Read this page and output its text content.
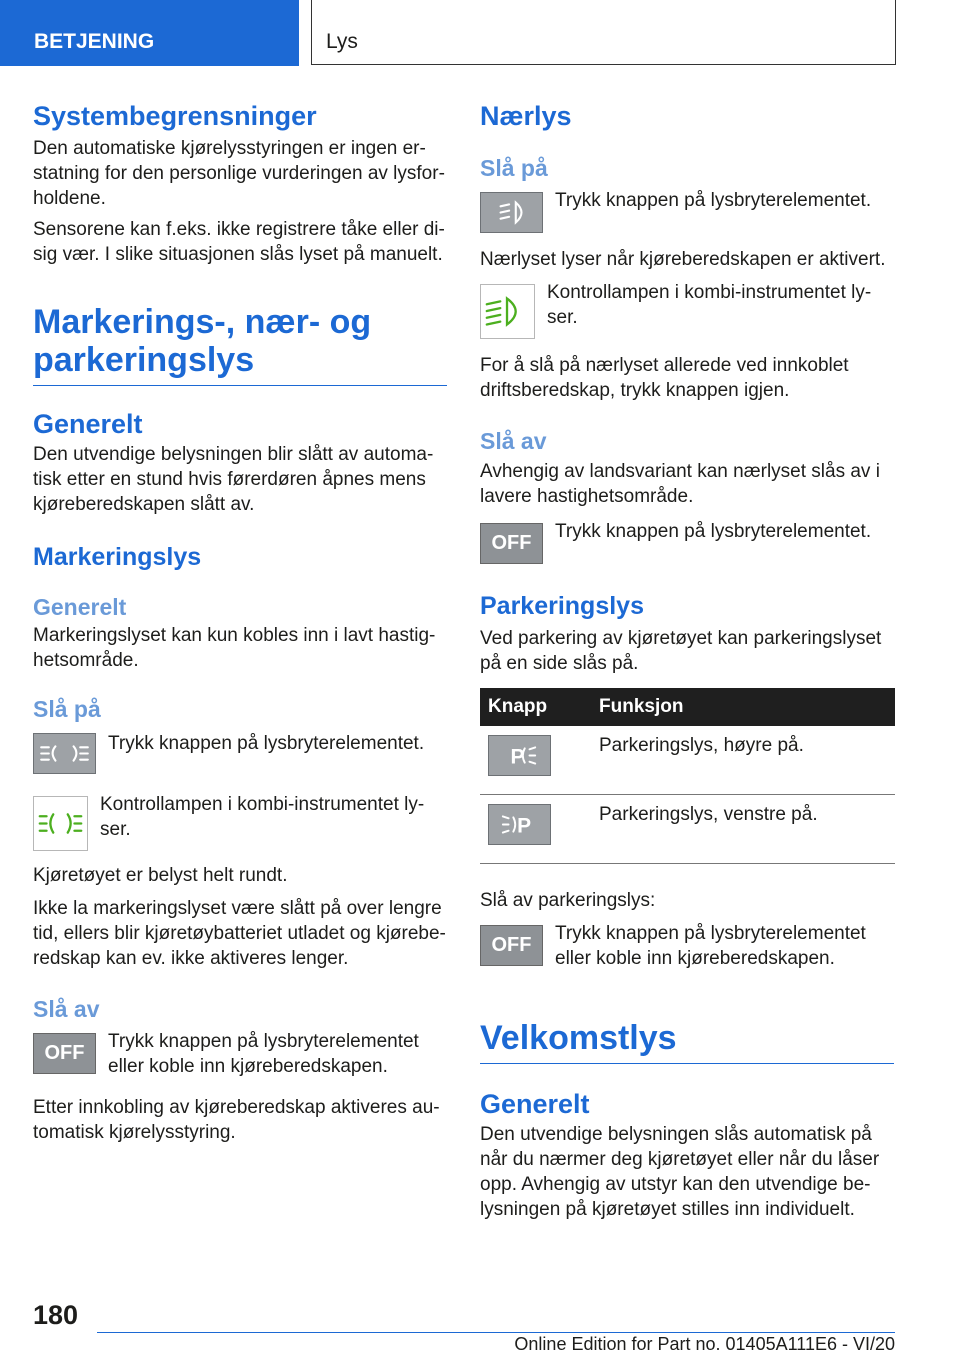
BETJENING	Lys
Systembegrensninger

Den automatiske kjørelysstyringen er ingen er-statning for den personlige vurderingen av lysfor-holdene.

Sensorene kan f.eks. ikke registrere tåke eller di-sig vær. I slike situasjonen slås lyset på manuelt.

Markerings-, nær- og parkeringslys
Generelt

Den utvendige belysningen blir slått av automa-tisk etter en stund hvis førerdøren åpnes mens kjøreberedskapen slått av.

Markeringslys
Generelt

Markeringslyset kan kun kobles inn i lavt hastig-hetsområde.

Slå på

Trykk knappen på lysbryterelementet.

Kontrollampen i kombi-instrumentet ly-ser.

Kjøretøyet er belyst helt rundt.

Ikke la markeringslyset være slått på over lengre tid, ellers blir kjøretøybatteriet utladet og kjørebe-redskap kan ev. ikke aktiveres lenger.

Slå av
OFF

Trykk knappen på lysbryterelementet eller koble inn kjøreberedskapen.

Etter innkobling av kjøreberedskap aktiveres au-tomatisk kjørelysstyring.

Nærlys
Slå på

Trykk knappen på lysbryterelementet.

Nærlyset lyser når kjøreberedskapen er aktivert.

Kontrollampen i kombi-instrumentet ly-ser.

For å slå på nærlyset allerede ved innkoblet driftsberedskap, trykk knappen igjen.

Slå av

Avhengig av landsvariant kan nærlyset slås av i lavere hastighetsområde.

OFF

Trykk knappen på lysbryterelementet.

Parkeringslys

Ved parkering av kjøretøyet kan parkeringslyset på en side slås på.

Knapp	Funksjon

P	Parkeringslys, høyre på.

P	Parkeringslys, venstre på.

Slå av parkeringslys:

OFF

Trykk knappen på lysbryterelementet eller koble inn kjøreberedskapen.

Velkomstlys
Generelt

Den utvendige belysningen slås automatisk på når du nærmer deg kjøretøyet eller når du låser opp. Avhengig av utstyr kan den utvendige be-lysningen på kjøretøyet stilles inn individuelt.

180
Online Edition for Part no. 01405A111E6 - VI/20
